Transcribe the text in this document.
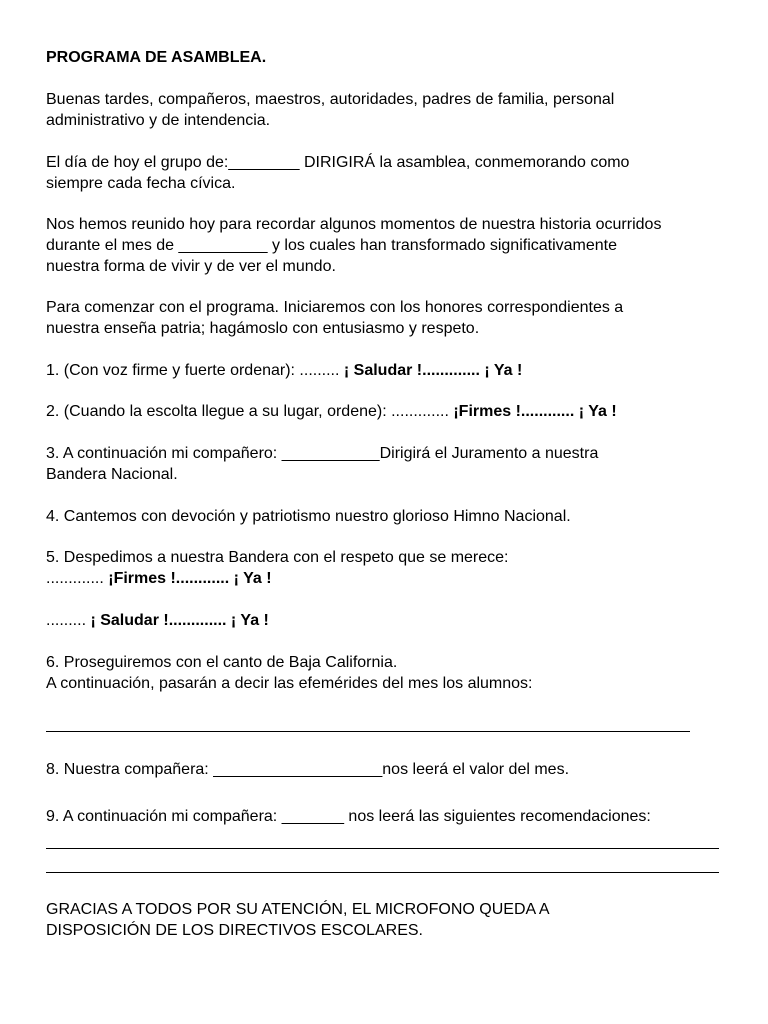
PROGRAMA DE ASAMBLEA.

Buenas tardes, compañeros, maestros, autoridades, padres de familia, personal
administrativo y de intendencia.
El día de hoy el grupo de:________ DIRIGIRÁ la asamblea, conmemorando como
siempre cada fecha cívica.
Nos hemos reunido hoy para recordar algunos momentos de nuestra historia ocurridos
durante el mes de __________ y los cuales han transformado significativamente
nuestra forma de vivir y de ver el mundo.
Para comenzar con el programa. Iniciaremos con los honores correspondientes a
nuestra enseña patria; hagámoslo con entusiasmo y respeto.
1. (Con voz firme y fuerte ordenar): ......... ¡ Saludar !............. ¡ Ya !
2. (Cuando la escolta llegue a su lugar, ordene): ............. ¡Firmes !............ ¡ Ya !
3. A continuación mi compañero: ___________Dirigirá el Juramento a nuestra
Bandera Nacional.
4. Cantemos con devoción y patriotismo nuestro glorioso Himno Nacional.
5. Despedimos a nuestra Bandera con el respeto que se merece:
............. ¡Firmes !............ ¡ Ya !
......... ¡ Saludar !............. ¡ Ya !
6. Proseguiremos con el canto de Baja California.
A continuación, pasarán a decir las efemérides del mes los alumnos:
8. Nuestra compañera: ___________________nos leerá el valor del mes.
9. A continuación mi compañera: _______ nos leerá las siguientes recomendaciones:
GRACIAS A TODOS POR SU ATENCIÓN, EL MICROFONO QUEDA A
DISPOSICIÓN DE LOS DIRECTIVOS ESCOLARES.
